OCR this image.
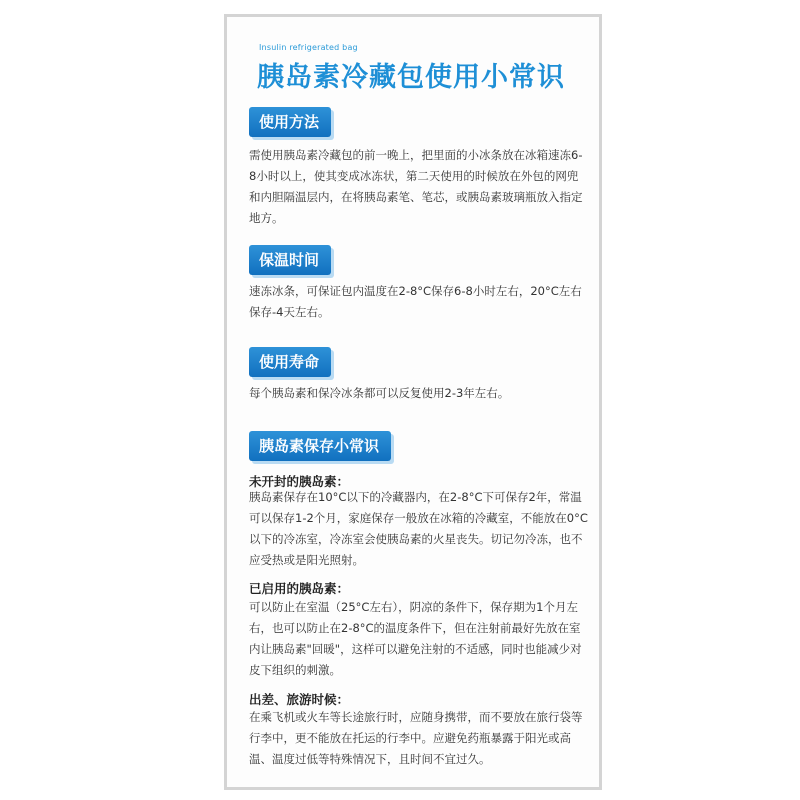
Insulin refrigerated bag
胰岛素冷藏包使用小常识
使用方法
需使用胰岛素冷藏包的前一晚上，把里面的小冰条放在冰箱速冻6-8小时以上，使其变成冰冻状，第二天使用的时候放在外包的网兜和内胆隔温层内，在将胰岛素笔、笔芯，或胰岛素玻璃瓶放入指定地方。
保温时间
速冻冰条，可保证包内温度在2-8°C保存6-8小时左右，20°C左右保存-4天左右。
使用寿命
每个胰岛素和保冷冰条都可以反复使用2-3年左右。
胰岛素保存小常识
未开封的胰岛素：
胰岛素保存在10°C以下的冷藏器内，在2-8°C下可保存2年，常温可以保存1-2个月，家庭保存一般放在冰箱的冷藏室，不能放在0°C以下的冷冻室，冷冻室会使胰岛素的火星丧失。切记勿冷冻，也不应受热或是阳光照射。
已启用的胰岛素：
可以防止在室温（25°C左右），阴凉的条件下，保存期为1个月左右，也可以防止在2-8°C的温度条件下，但在注射前最好先放在室内让胰岛素"回暖"，这样可以避免注射的不适感，同时也能减少对皮下组织的刺激。
出差、旅游时候：
在乘飞机或火车等长途旅行时，应随身携带，而不要放在旅行袋等行李中，更不能放在托运的行李中。应避免药瓶暴露于阳光或高温、温度过低等特殊情况下，且时间不宜过久。
